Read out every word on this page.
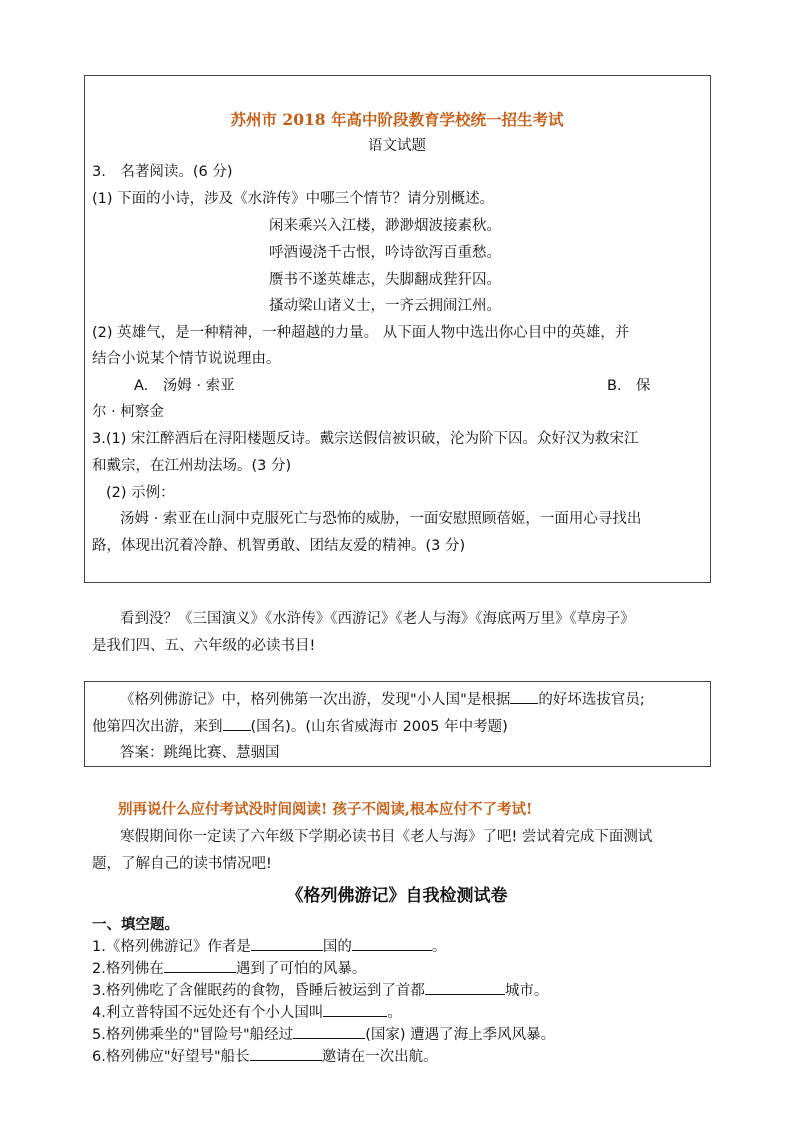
苏州市 2018 年高中阶段教育学校统一招生考试
语文试题
3.　名著阅读。(6 分)
(1) 下面的小诗，涉及《水浒传》中哪三个情节？请分别概述。
闲来乘兴入江楼，渺渺烟波接素秋。
呼酒谩浇千古恨，吟诗欲泻百重愁。
赝书不遂英雄志，失脚翻成狴犴囚。
搔动梁山诸义士，一齐云拥闹江州。
(2) 英雄气，是一种精神，一种超越的力量。 从下面人物中选出你心目中的英雄，并
结合小说某个情节说说理由。
A.　汤姆 · 索亚	B.　保
尔 · 柯察金
3.(1) 宋江醉酒后在浔阳楼题反诗。戴宗送假信被识破，沦为阶下囚。众好汉为救宋江
和戴宗，在江州劫法场。(3 分)
(2) 示例：
汤姆 · 索亚在山洞中克服死亡与恐怖的威胁，一面安慰照顾蓓姬，一面用心寻找出
路，体现出沉着冷静、机智勇敢、团结友爱的精神。(3 分)
看到没？《三国演义》《水浒传》《西游记》《老人与海》《海底两万里》《草房子》
是我们四、五、六年级的必读书目!
《格列佛游记》中，格列佛第一次出游，发现"小人国"是根据 的好坏选拔官员;
他第四次出游，来到 (国名)。(山东省威海市 2005 年中考题)
答案：跳绳比赛、慧骃国
别再说什么应付考试没时间阅读! 孩子不阅读,根本应付不了考试!
寒假期间你一定读了六年级下学期必读书目《老人与海》了吧! 尝试着完成下面测试
题，了解自己的读书情况吧!
《格列佛游记》自我检测试卷
一、填空题。
1.《格列佛游记》作者是	国的	。
2.格列佛在	遇到了可怕的风暴。
3.格列佛吃了含催眠药的食物，昏睡后被运到了首都	城市。
4.利立普特国不远处还有个小人国叫	。
5.格列佛乘坐的"冒险号"船经过	(国家) 遭遇了海上季风风暴。
6.格列佛应"好望号"船长	邀请在一次出航。
